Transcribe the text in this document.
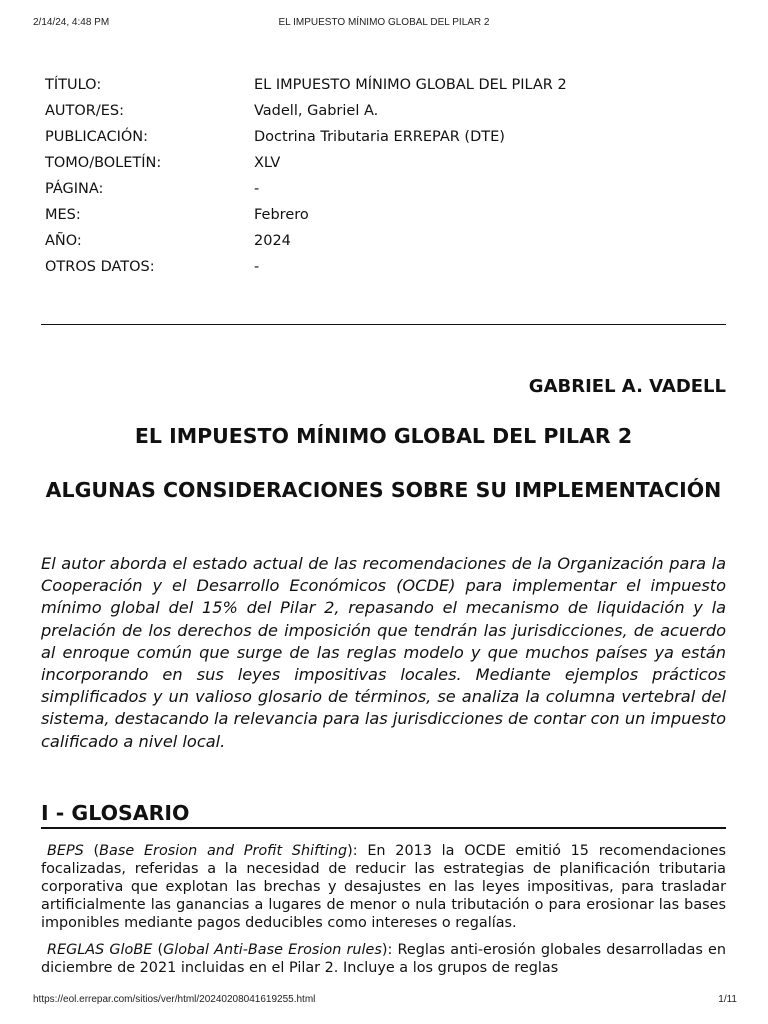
2/14/24, 4:48 PM	EL IMPUESTO MÍNIMO GLOBAL DEL PILAR 2
TÍTULO:	EL IMPUESTO MÍNIMO GLOBAL DEL PILAR 2
AUTOR/ES:	Vadell, Gabriel A.
PUBLICACIÓN:	Doctrina Tributaria ERREPAR (DTE)
TOMO/BOLETÍN:	XLV
PÁGINA:	-
MES:	Febrero
AÑO:	2024
OTROS DATOS:	-
GABRIEL A. VADELL
EL IMPUESTO MÍNIMO GLOBAL DEL PILAR 2
ALGUNAS CONSIDERACIONES SOBRE SU IMPLEMENTACIÓN

El autor aborda el estado actual de las recomendaciones de la Organización para la Cooperación y el Desarrollo Económicos (OCDE) para implementar el impuesto mínimo global del 15% del Pilar 2, repasando el mecanismo de liquidación y la prelación de los derechos de imposición que tendrán las jurisdicciones, de acuerdo al enroque común que surge de las reglas modelo y que muchos países ya están incorporando en sus leyes impositivas locales. Mediante ejemplos prácticos simplificados y un valioso glosario de términos, se analiza la columna vertebral del sistema, destacando la relevancia para las jurisdicciones de contar con un impuesto calificado a nivel local.

I - GLOSARIO

BEPS (Base Erosion and Profit Shifting): En 2013 la OCDE emitió 15 recomendaciones focalizadas, referidas a la necesidad de reducir las estrategias de planificación tributaria corporativa que explotan las brechas y desajustes en las leyes impositivas, para trasladar artificialmente las ganancias a lugares de menor o nula tributación o para erosionar las bases imponibles mediante pagos deducibles como intereses o regalías.

REGLAS GloBE (Global Anti-Base Erosion rules): Reglas anti-erosión globales desarrolladas en diciembre de 2021 incluidas en el Pilar 2. Incluye a los grupos de reglas

https://eol.errepar.com/sitios/ver/html/20240208041619255.html	1/11
